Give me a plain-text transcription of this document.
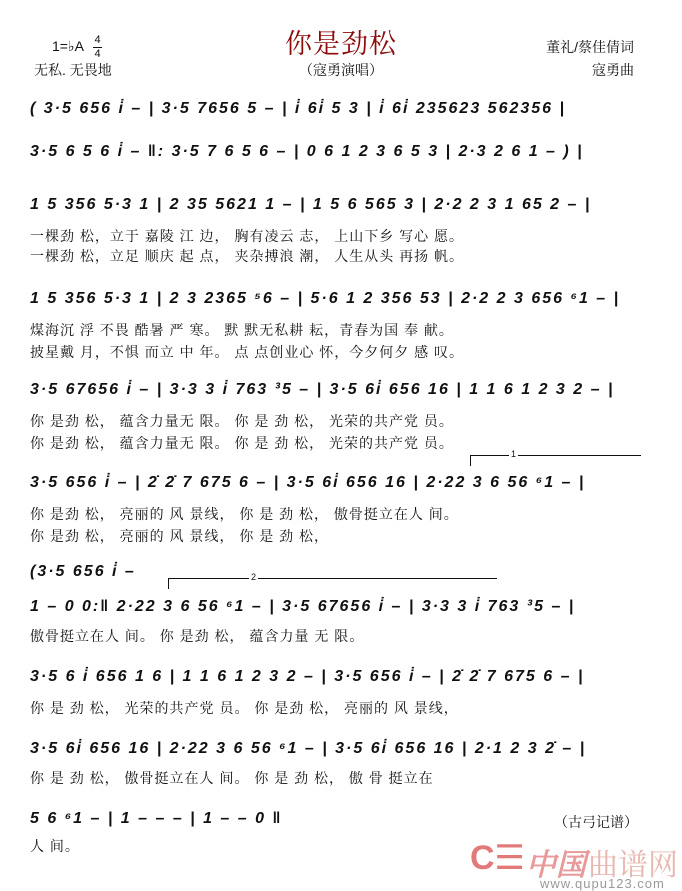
你是劲松
1=♭A $\frac{4}{4}$
无私. 无畏地	（寇勇演唱）
董礼/蔡佳倩词
寇勇曲
( 3·5 656 i̇ – | 3·5 7656 5 – | i̇ 6i̇ 5 3 | i̇ 6i̇ 235623 562356 |
3·5 6 5 6 i̇ – ‖: 3·5 7 6 5 6 – | 0 6 1 2 3 6 5 3 | 2·3 2 6 1 – ) |
1 5 356 5·3 1 | 2 35 5621 1 – | 1 5 6 565 3 | 2·2 2 3 1 65 2 – |
一棵劲 松，立于 嘉陵 江 边， 胸有凌云 志， 上山下乡 写心 愿。
一棵劲 松，立足 顺庆 起 点， 夹杂搏浪 潮， 人生从头 再扬 帆。
1 5 356 5·3 1 | 2 3 2365 ⁵6 – | 5·6 1 2 356 53 | 2·2 2 3 656 ⁶1 – |
煤海沉 浮 不畏 酷暑 严 寒。 默 默无私耕 耘，青春为国 奉 献。
披星戴 月，不惧 而立 中 年。 点 点创业心 怀，今夕何夕 感 叹。
3·5 67656 i̇ – | 3·3 3 i̇ 763 ³5 – | 3·5 6i̇ 656 16 | 1 1 6 1 2 3 2 – |
你 是劲 松， 蕴含力量无 限。 你 是 劲 松， 光荣的共产党 员。
你 是劲 松， 蕴含力量无 限。 你 是 劲 松， 光荣的共产党 员。
1
3·5 656 i̇ – | 2̇ 2̇ 7 675 6 – | 3·5 6i̇ 656 16 | 2·22 3 6 56 ⁶1 – |
你 是劲 松， 亮丽的 风 景线， 你 是 劲 松， 傲骨挺立在人 间。
你 是劲 松， 亮丽的 风 景线， 你 是 劲 松，
(3·5 656 i̇ –	2
1 – 0 0:‖ 2·22 3 6 56 ⁶1 – | 3·5 67656 i̇ – | 3·3 3 i̇ 763 ³5 – |
傲骨挺立在人 间。 你 是劲 松， 蕴含力量 无 限。
3·5 6 i̇ 656 1 6 | 1 1 6 1 2 3 2 – | 3·5 656 i̇ – | 2̇ 2̇ 7 675 6 – |
你 是 劲 松， 光荣的共产党 员。 你 是劲 松， 亮丽的 风 景线，
3·5 6i̇ 656 16 | 2·22 3 6 56 ⁶1 – | 3·5 6i̇ 656 16 | 2·1 2 3 2̇ – |
你 是 劲 松， 傲骨挺立在人 间。 你 是 劲 松， 傲 骨 挺立在
5 6 ⁶1 – | 1 – – – | 1 – – 0 ‖
人 间。
（古弓记谱）
C☰ 中国 曲谱网
www.qupu123.com
